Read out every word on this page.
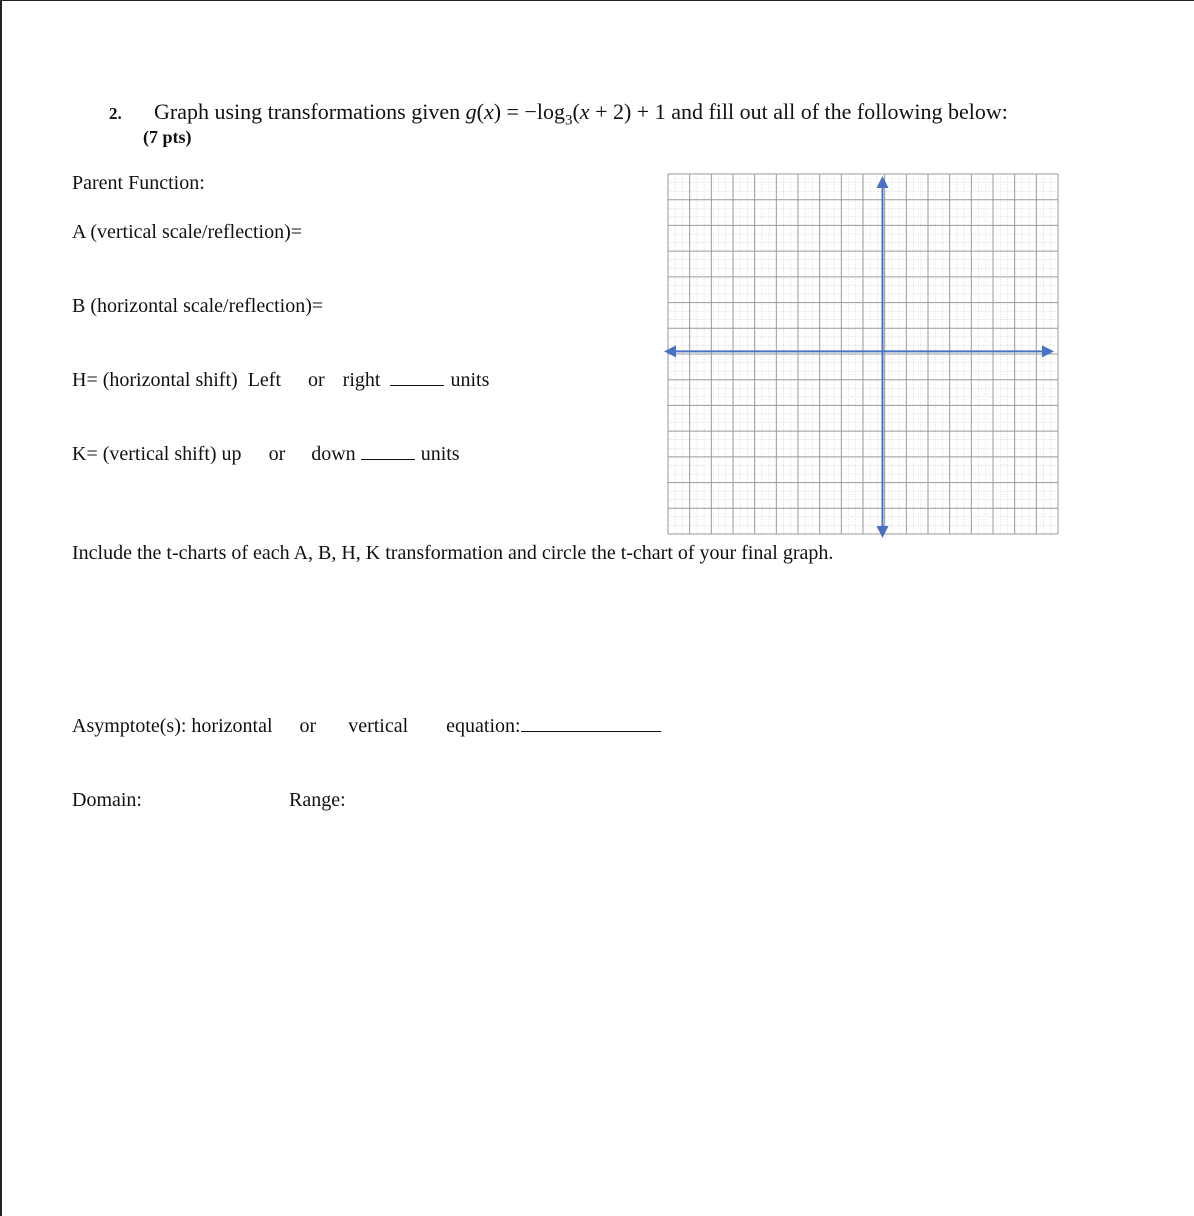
2. Graph using transformations given $g(x) = -\log_3(x + 2) + 1$ and fill out all of the following below:
(7 pts)
Parent Function:
A (vertical scale/reflection)=
B (horizontal scale/reflection)=
H= (horizontal shift) Left or right	units
K= (vertical shift) up or down	units
Include the t-charts of each A, B, H, K transformation and circle the t-chart of your final graph.
Asymptote(s): horizontal or vertical equation:
Domain:	Range:
